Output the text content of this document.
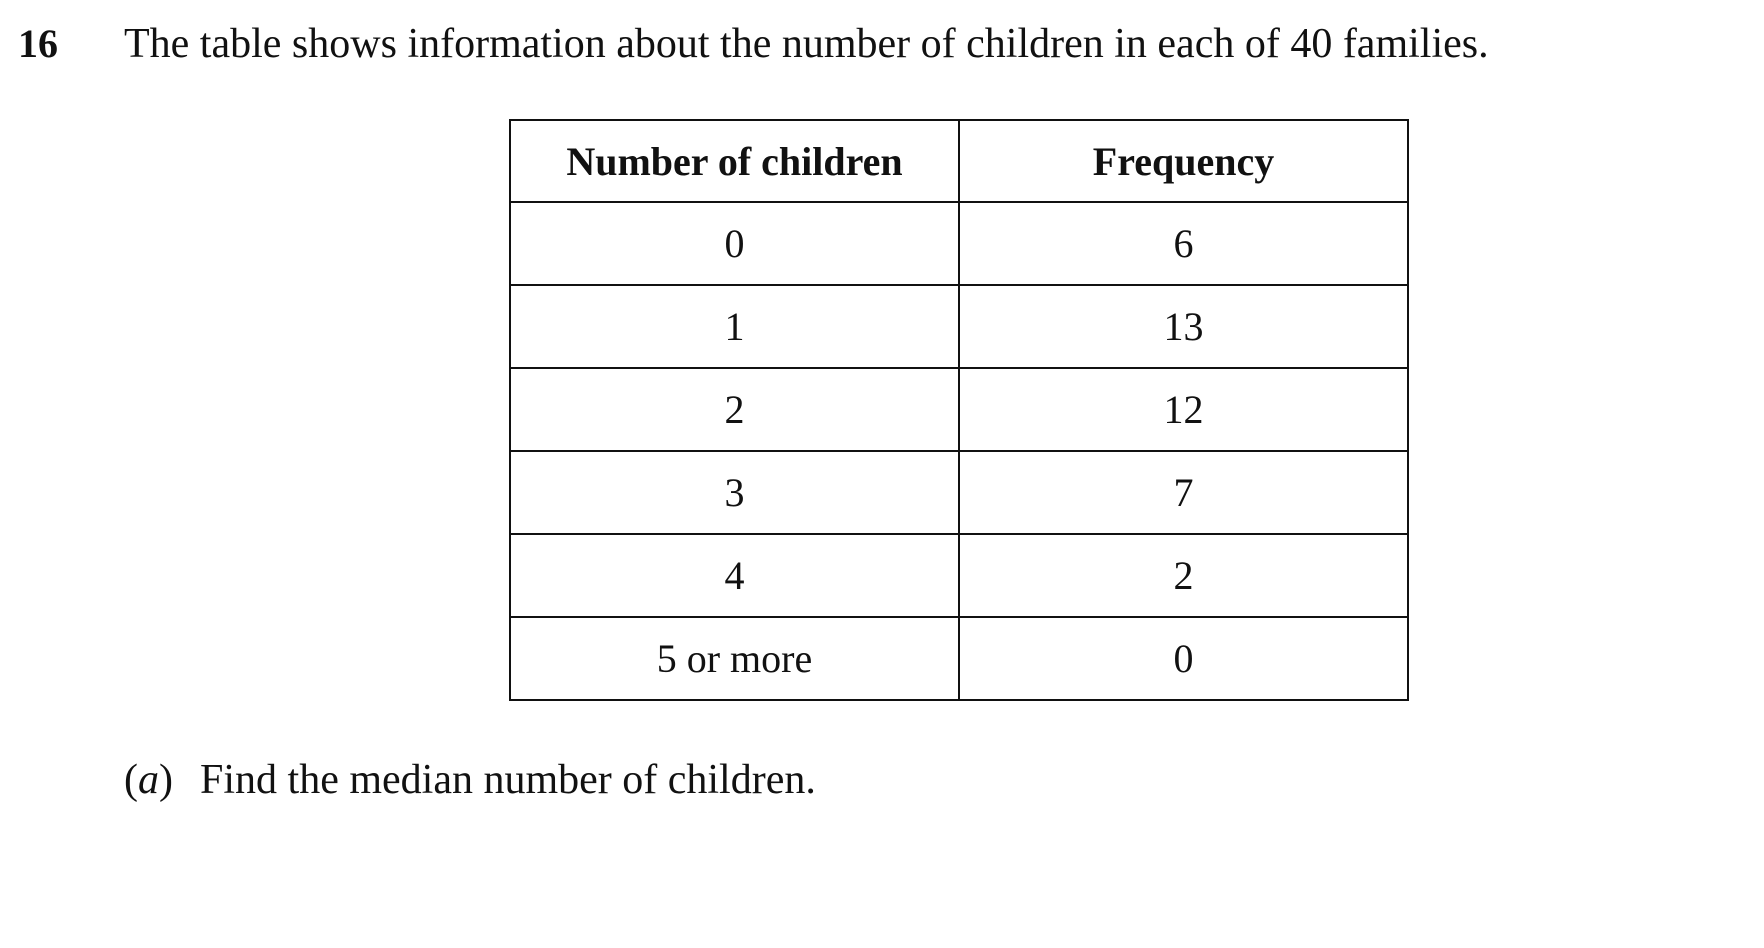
16 The table shows information about the number of children in each of 40 families.
Number of children	Frequency
0	6
1	13
2	12
3	7
4	2
5 or more	0
(a) Find the median number of children.
